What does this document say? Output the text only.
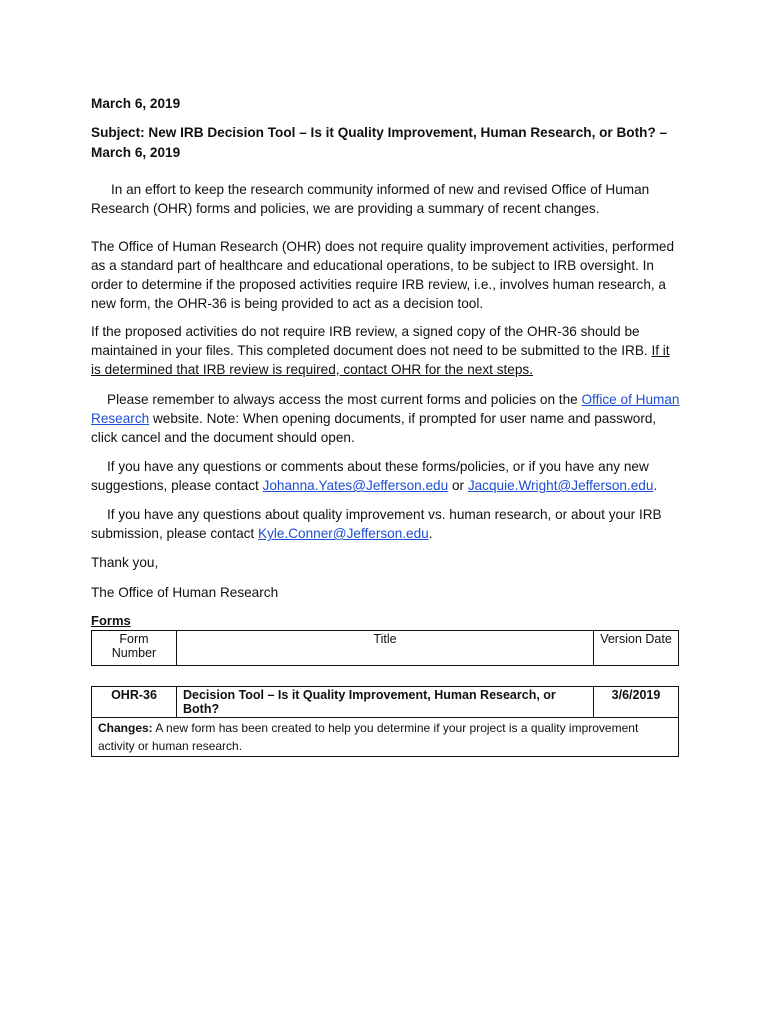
March 6, 2019
Subject: New IRB Decision Tool – Is it Quality Improvement, Human Research, or Both? – March 6, 2019
In an effort to keep the research community informed of new and revised Office of Human Research (OHR) forms and policies, we are providing a summary of recent changes.
The Office of Human Research (OHR) does not require quality improvement activities, performed as a standard part of healthcare and educational operations, to be subject to IRB oversight. In order to determine if the proposed activities require IRB review, i.e., involves human research, a new form, the OHR-36 is being provided to act as a decision tool.
If the proposed activities do not require IRB review, a signed copy of the OHR-36 should be maintained in your files. This completed document does not need to be submitted to the IRB. If it is determined that IRB review is required, contact OHR for the next steps.
Please remember to always access the most current forms and policies on the Office of Human Research website. Note: When opening documents, if prompted for user name and password, click cancel and the document should open.
If you have any questions or comments about these forms/policies, or if you have any new suggestions, please contact Johanna.Yates@Jefferson.edu or Jacquie.Wright@Jefferson.edu.
If you have any questions about quality improvement vs. human research, or about your IRB submission, please contact Kyle.Conner@Jefferson.edu.
Thank you,
The Office of Human Research
Forms
Form Number	Title	Version Date
OHR-36	Decision Tool – Is it Quality Improvement, Human Research, or Both?	3/6/2019
Changes: A new form has been created to help you determine if your project is a quality improvement activity or human research.
